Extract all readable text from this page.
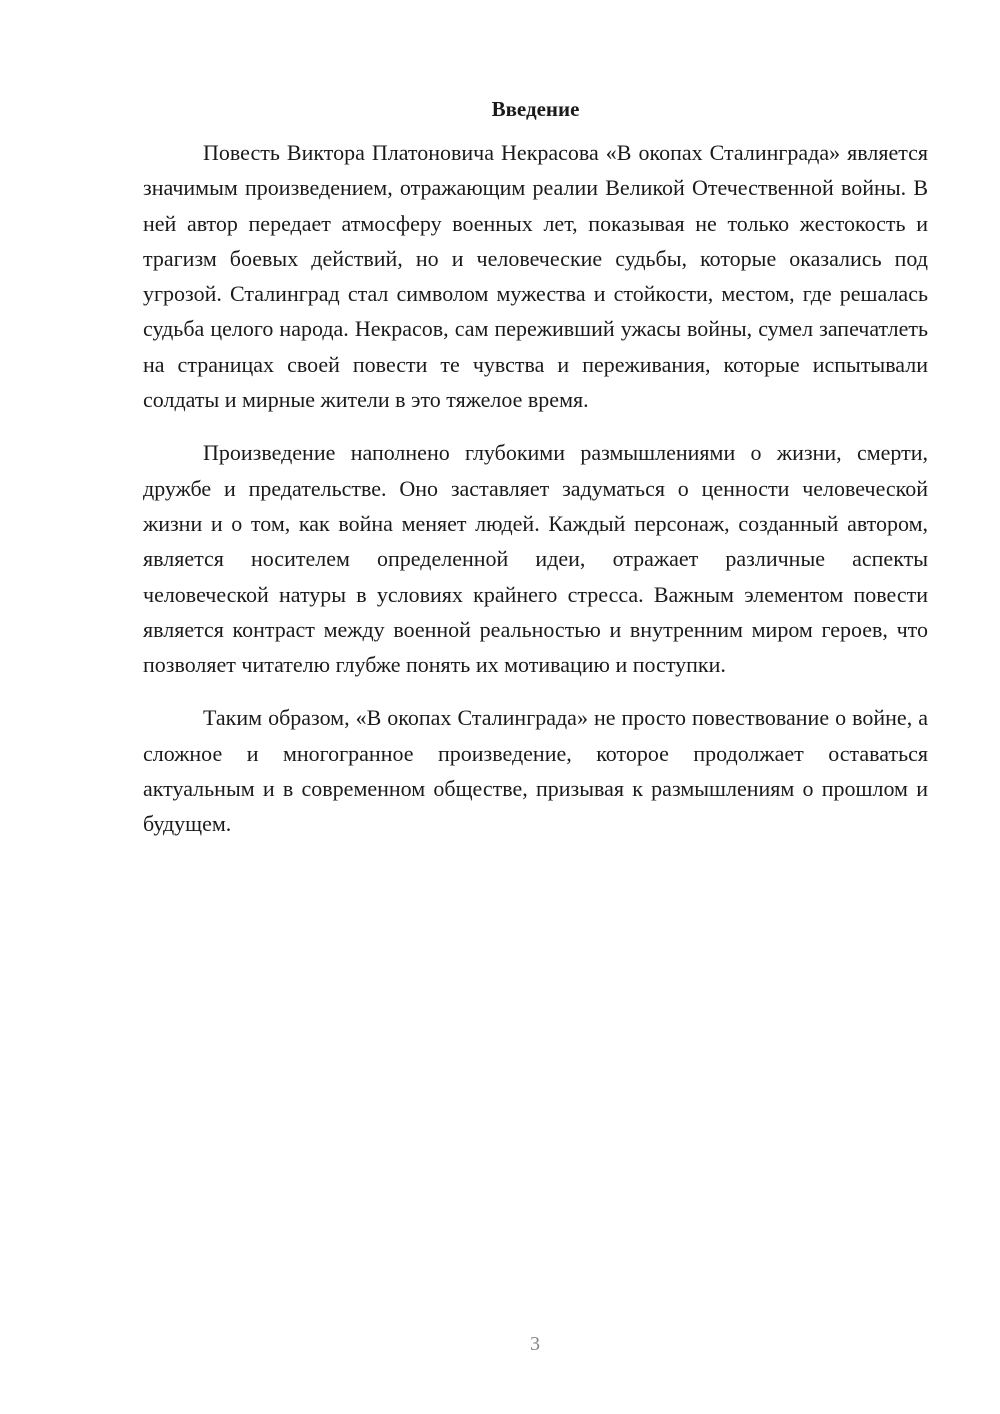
Введение

Повесть Виктора Платоновича Некрасова «В окопах Сталинграда» является значимым произведением, отражающим реалии Великой Отечественной войны. В ней автор передает атмосферу военных лет, показывая не только жестокость и трагизм боевых действий, но и человеческие судьбы, которые оказались под угрозой. Сталинград стал символом мужества и стойкости, местом, где решалась судьба целого народа. Некрасов, сам переживший ужасы войны, сумел запечатлеть на страницах своей повести те чувства и переживания, которые испытывали солдаты и мирные жители в это тяжелое время.

Произведение наполнено глубокими размышлениями о жизни, смерти, дружбе и предательстве. Оно заставляет задуматься о ценности человеческой жизни и о том, как война меняет людей. Каждый персонаж, созданный автором, является носителем определенной идеи, отражает различные аспекты человеческой натуры в условиях крайнего стресса. Важным элементом повести является контраст между военной реальностью и внутренним миром героев, что позволяет читателю глубже понять их мотивацию и поступки.

Таким образом, «В окопах Сталинграда» не просто повествование о войне, а сложное и многогранное произведение, которое продолжает оставаться актуальным и в современном обществе, призывая к размышлениям о прошлом и будущем.

3
